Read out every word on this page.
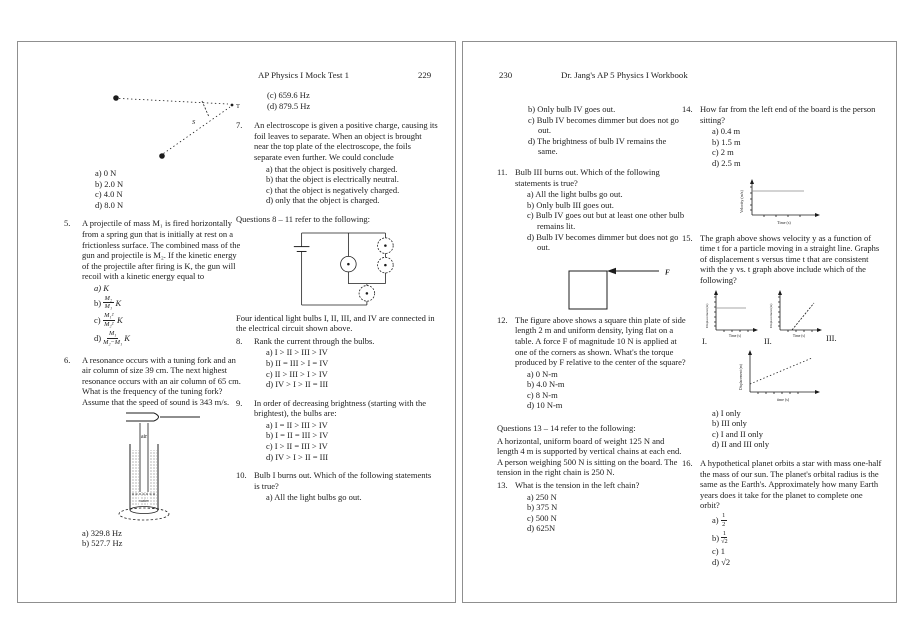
AP Physics I Mock Test 1	229
T
S
a) 0 N
b) 2.0 N
c) 4.0 N
d) 8.0 N
5.	A projectile of mass M₁ is fired horizontally from a spring gun that is initially at rest on a frictionless surface. The combined mass of the gun and projectile is M₂. If the kinetic energy of the projectile after firing is K, the gun will recoil with a kinetic energy equal to
a) K
$b) \frac{\text{M₂}}{\text{M₁}}$ K
$c) \frac{\text{M₁²}}{\text{M₂²}}$ K
$d) \frac{\text{M₁}}{\text{M₂−M₁}}$ K
6.	A resonance occurs with a tuning fork and an air column of size 39 cm. The next highest resonance occurs with an air column of 65 cm. What is the frequency of the tuning fork? Assume that the speed of sound is 343 m/s.
air
water
a) 329.8 Hz
b) 527.7 Hz
(c) 659.6 Hz
(d) 879.5 Hz
7.	An electroscope is given a positive charge, causing its foil leaves to separate. When an object is brought near the top plate of the electroscope, the foils separate even further. We could conclude
a) that the object is positively charged.
b) that the object is electrically neutral.
c) that the object is negatively charged.
d) only that the object is charged.
Questions 8 – 11 refer to the following:
Four identical light bulbs I, II, III, and IV are connected in the electrical circuit shown above.
8.	Rank the current through the bulbs.
a) I > II > III > IV
b) II = III > I = IV
c) II > III > I > IV
d) IV > I > II = III
9.	In order of decreasing brightness (starting with the brightest), the bulbs are:
a) I = II > III > IV
b) I = II = III > IV
c) I > II = III > IV
d) IV > I > II = III
10. Bulb I burns out. Which of the following statements is true?
a) All the light bulbs go out.
230	Dr. Jang's AP 5 Physics I Workbook
b) Only bulb IV goes out.
c) Bulb IV becomes dimmer but does not go out.
d) The brightness of bulb IV remains the same.
11. Bulb III burns out. Which of the following statements is true?
a) All the light bulbs go out.
b) Only bulb III goes out.
c) Bulb IV goes out but at least one other bulb remains lit.
d) Bulb IV becomes dimmer but does not go out.
F
12. The figure above shows a square thin plate of side length 2 m and uniform density, lying flat on a table. A force F of magnitude 10 N is applied at one of the corners as shown. What's the torque produced by F relative to the center of the square?
a) 0 N-m
b) 4.0 N-m
c) 8 N-m
d) 10 N-m
Questions 13 – 14 refer to the following:
A horizontal, uniform board of weight 125 N and length 4 m is supported by vertical chains at each end. A person weighing 500 N is sitting on the board. The tension in the right chain is 250 N.
13. What is the tension in the left chain?
a) 250 N
b) 375 N
c) 500 N
d) 625N
14. How far from the left end of the board is the person sitting?
a) 0.4 m
b) 1.5 m
c) 2 m
d) 2.5 m
Velocity (m/s)
Time (s)
15. The graph above shows velocity y as a function of time t for a particle moving in a straight line. Graphs of displacement s versus time t that are consistent with the y vs. t graph above include which of the following?
Displacement (m)
Time (s)
I.
Displacement (m)
Time (s)
II.	III.
Displacement (m)
time (s)
a) I only
b) III only
c) I and II only
d) II and III only
16. A hypothetical planet orbits a star with mass one-half the mass of our sun. The planet's orbital radius is the same as the Earth's. Approximately how many Earth years does it take for the planet to complete one orbit?
$a) \frac{1}{2}$
$b) \frac{1}{√2}$
c) 1
d) √2
